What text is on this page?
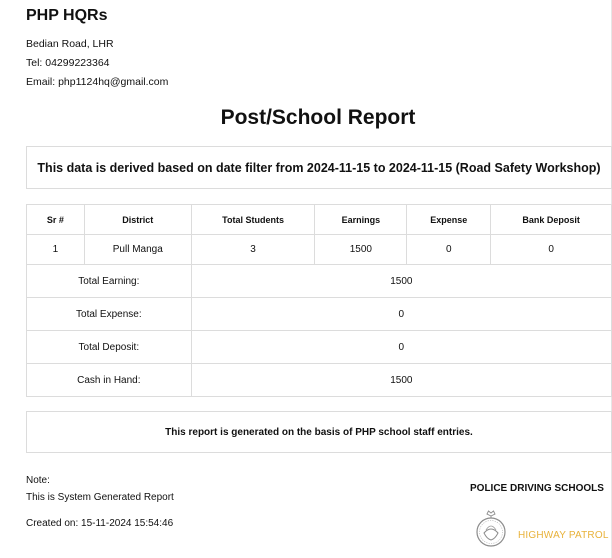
PHP HQRs
Bedian Road, LHR
Tel: 04299223364
Email: php1124hq@gmail.com
Post/School Report
This data is derived based on date filter from 2024-11-15 to 2024-11-15 (Road Safety Workshop)
Sr #	District	Total Students	Earnings	Expense	Bank Deposit
1	Pull Manga	3	1500	0	0
Total Earning:		1500			
Total Expense:		0			
Total Deposit:		0			
Cash in Hand:		1500			
This report is generated on the basis of PHP school staff entries.
Note:
This is System Generated Report
Created on: 15-11-2024 15:54:46
POLICE DRIVING SCHOOLS
HIGHWAY PATROL
